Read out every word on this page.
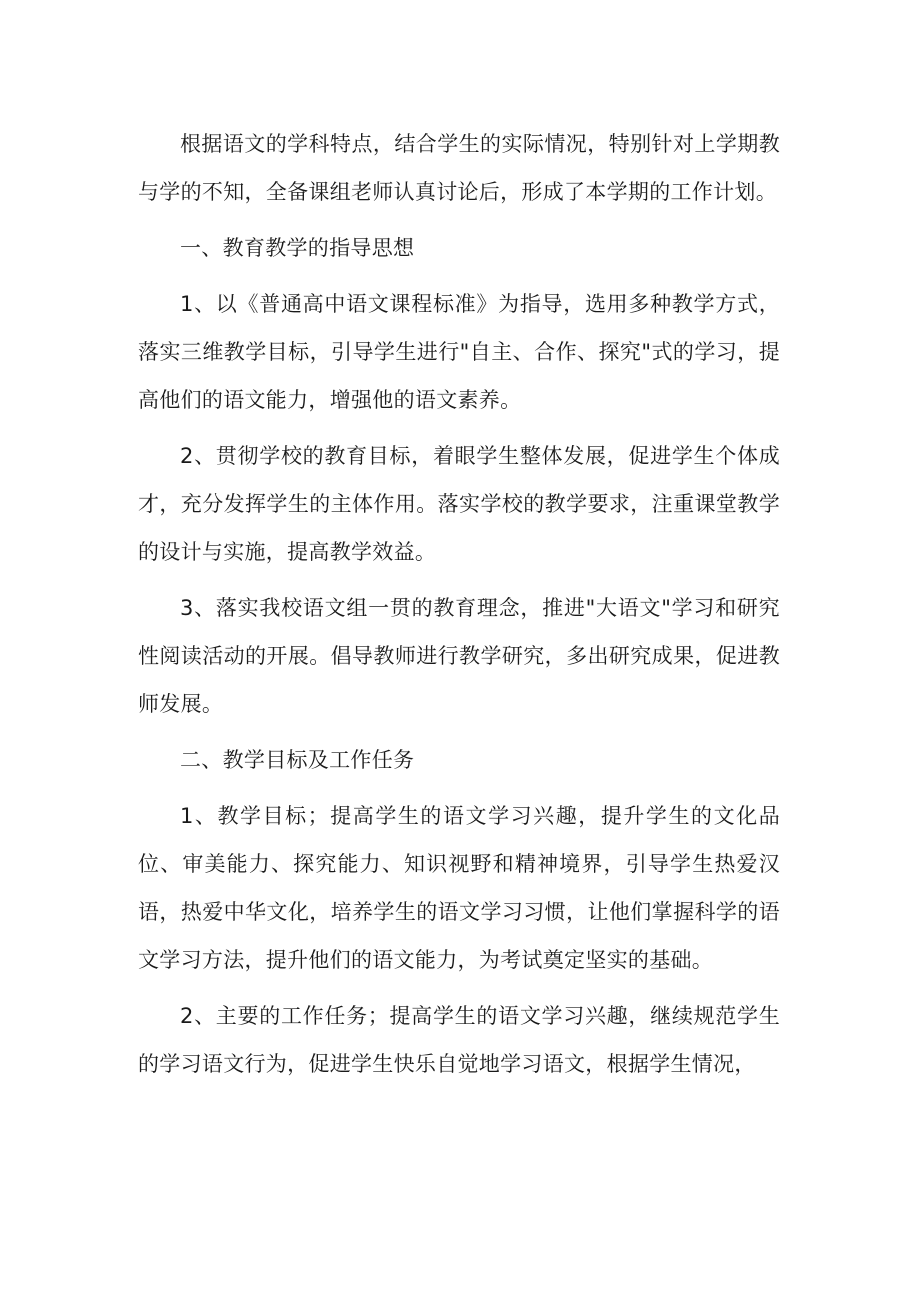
根据语文的学科特点，结合学生的实际情况，特别针对上学期教与学的不知，全备课组老师认真讨论后，形成了本学期的工作计划。

一、教育教学的指导思想

1、以《普通高中语文课程标准》为指导，选用多种教学方式，落实三维教学目标，引导学生进行"自主、合作、探究"式的学习，提高他们的语文能力，增强他的语文素养。

2、贯彻学校的教育目标，着眼学生整体发展，促进学生个体成才，充分发挥学生的主体作用。落实学校的教学要求，注重课堂教学的设计与实施，提高教学效益。

3、落实我校语文组一贯的教育理念，推进"大语文"学习和研究性阅读活动的开展。倡导教师进行教学研究，多出研究成果，促进教师发展。

二、教学目标及工作任务

1、教学目标；提高学生的语文学习兴趣，提升学生的文化品位、审美能力、探究能力、知识视野和精神境界，引导学生热爱汉语，热爱中华文化，培养学生的语文学习习惯，让他们掌握科学的语文学习方法，提升他们的语文能力，为考试奠定坚实的基础。

2、主要的工作任务；提高学生的语文学习兴趣，继续规范学生的学习语文行为，促进学生快乐自觉地学习语文，根据学生情况，
